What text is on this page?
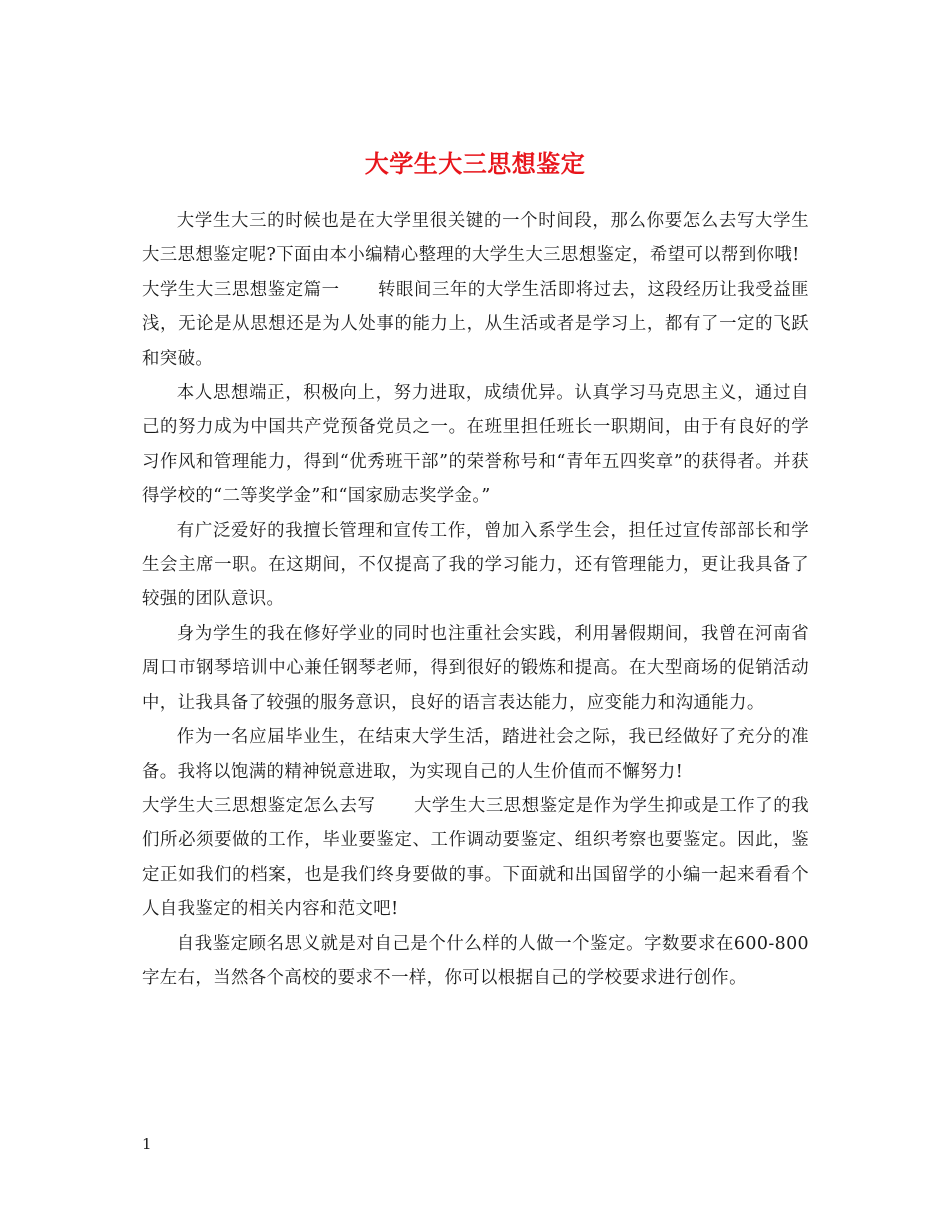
大学生大三思想鉴定

大学生大三的时候也是在大学里很关键的一个时间段，那么你要怎么去写大学生大三思想鉴定呢?下面由本小编精心整理的大学生大三思想鉴定，希望可以帮到你哦!

大学生大三思想鉴定篇一 转眼间三年的大学生活即将过去，这段经历让我受益匪浅，无论是从思想还是为人处事的能力上，从生活或者是学习上，都有了一定的飞跃和突破。

本人思想端正，积极向上，努力进取，成绩优异。认真学习马克思主义，通过自己的努力成为中国共产党预备党员之一。在班里担任班长一职期间，由于有良好的学习作风和管理能力，得到“优秀班干部”的荣誉称号和“青年五四奖章”的获得者。并获得学校的“二等奖学金”和“国家励志奖学金。”

有广泛爱好的我擅长管理和宣传工作，曾加入系学生会，担任过宣传部部长和学生会主席一职。在这期间，不仅提高了我的学习能力，还有管理能力，更让我具备了较强的团队意识。

身为学生的我在修好学业的同时也注重社会实践，利用暑假期间，我曾在河南省周口市钢琴培训中心兼任钢琴老师，得到很好的锻炼和提高。在大型商场的促销活动中，让我具备了较强的服务意识，良好的语言表达能力，应变能力和沟通能力。

作为一名应届毕业生，在结束大学生活，踏进社会之际，我已经做好了充分的准备。我将以饱满的精神锐意进取，为实现自己的人生价值而不懈努力!

大学生大三思想鉴定怎么去写 大学生大三思想鉴定是作为学生抑或是工作了的我们所必须要做的工作，毕业要鉴定、工作调动要鉴定、组织考察也要鉴定。因此，鉴定正如我们的档案，也是我们终身要做的事。下面就和出国留学的小编一起来看看个人自我鉴定的相关内容和范文吧!

自我鉴定顾名思义就是对自己是个什么样的人做一个鉴定。字数要求在600-800字左右，当然各个高校的要求不一样，你可以根据自己的学校要求进行创作。

1
